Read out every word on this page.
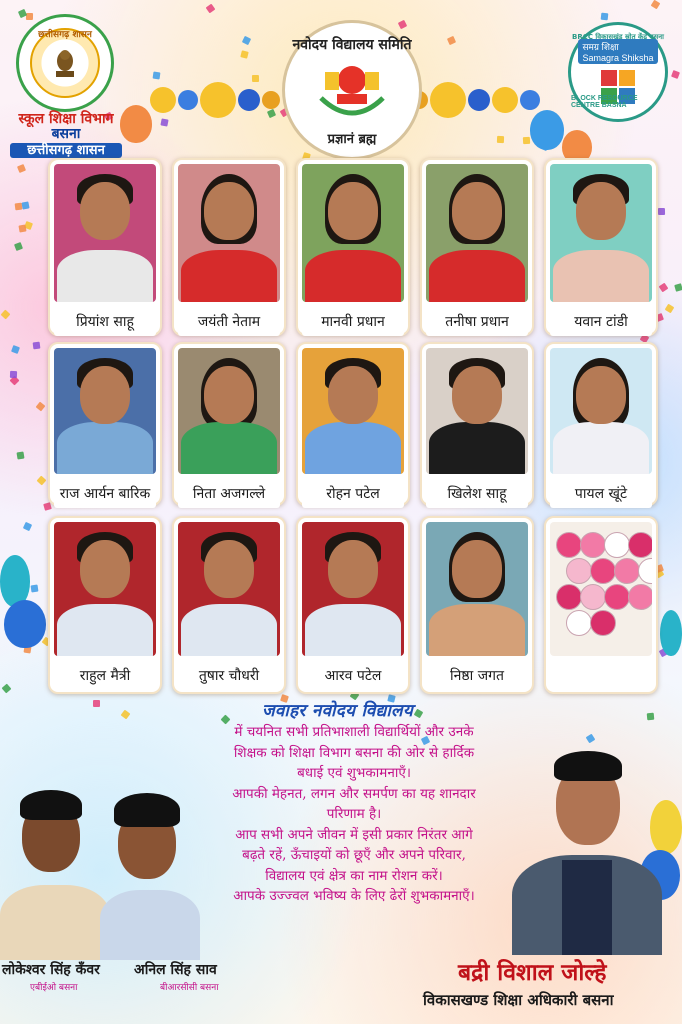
छत्तीसगढ़ शासन
स्कूल शिक्षा विभाग
बसना
छत्तीसगढ़ शासन
नवोदय विद्यालय समिति
प्रज्ञानं ब्रह्म
BRCC विकासखंड स्रोत केंद्र बसना
समग्र शिक्षा
Samagra Shiksha
BLOCK RESOURCE CENTRE BASNA
प्रियांश साहू	जयंती नेताम	मानवी प्रधान	तनीषा प्रधान	यवान टांडी
राज आर्यन बारिक	निता अजगल्ले	रोहन पटेल	खिलेश साहू	पायल खूंटे
राहुल मैत्री	तुषार चौधरी	आरव पटेल	निष्ठा जगत
जवाहर नवोदय विद्यालय
में चयनित सभी प्रतिभाशाली विद्यार्थियों और उनके
शिक्षक को शिक्षा विभाग बसना की ओर से हार्दिक
बधाई एवं शुभकामनाएँ।
आपकी मेहनत, लगन और समर्पण का यह शानदार
परिणाम है।
आप सभी अपने जीवन में इसी प्रकार निरंतर आगे
बढ़ते रहें, ऊँचाइयों को छूएँ और अपने परिवार,
विद्यालय एवं क्षेत्र का नाम रोशन करें।
आपके उज्ज्वल भविष्य के लिए ढेरों शुभकामनाएँ।
लोकेश्वर सिंह कँवर
एबीईओ बसना
अनिल सिंह साव
बीआरसीसी बसना
बद्री विशाल जोल्हे
विकासखण्ड शिक्षा अधिकारी बसना
